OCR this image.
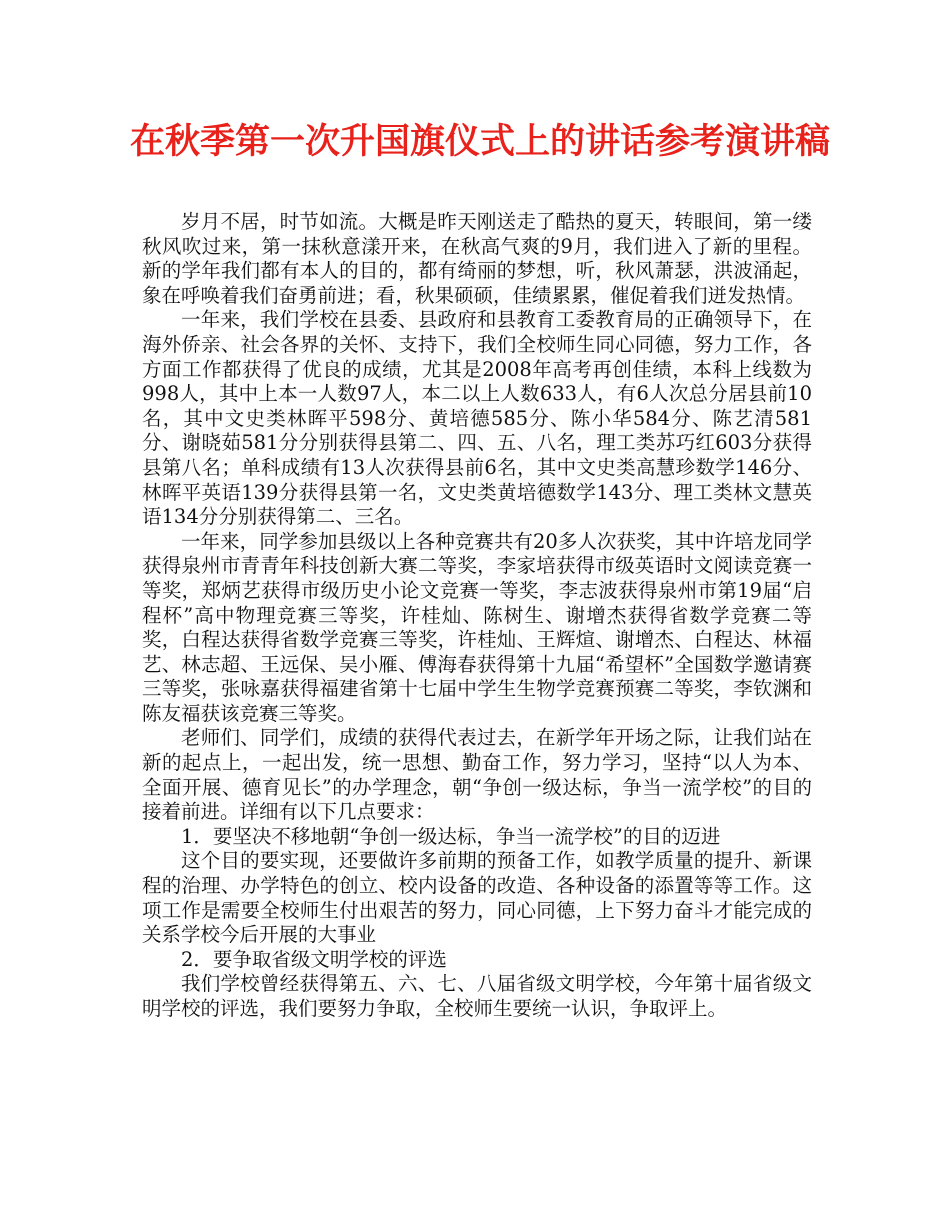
在秋季第一次升国旗仪式上的讲话参考演讲稿

岁月不居，时节如流。大概是昨天刚送走了酷热的夏天，转眼间，第一缕秋风吹过来，第一抹秋意漾开来，在秋高气爽的9月，我们进入了新的里程。新的学年我们都有本人的目的，都有绮丽的梦想，听，秋风萧瑟，洪波涌起，象在呼唤着我们奋勇前进；看，秋果硕硕，佳绩累累，催促着我们迸发热情。

一年来，我们学校在县委、县政府和县教育工委教育局的正确领导下，在海外侨亲、社会各界的关怀、支持下，我们全校师生同心同德，努力工作，各方面工作都获得了优良的成绩，尤其是2008年高考再创佳绩，本科上线数为998人，其中上本一人数97人，本二以上人数633人，有6人次总分居县前10名，其中文史类林晖平598分、黄培德585分、陈小华584分、陈艺清581分、谢晓茹581分分别获得县第二、四、五、八名，理工类苏巧红603分获得县第八名；单科成绩有13人次获得县前6名，其中文史类高慧珍数学146分、林晖平英语139分获得县第一名，文史类黄培德数学143分、理工类林文慧英语134分分别获得第二、三名。

一年来，同学参加县级以上各种竞赛共有20多人次获奖，其中许培龙同学获得泉州市青青年科技创新大赛二等奖，李家培获得市级英语时文阅读竞赛一等奖，郑炳艺获得市级历史小论文竞赛一等奖，李志波获得泉州市第19届“启程杯”高中物理竞赛三等奖，许桂灿、陈树生、谢增杰获得省数学竞赛二等奖，白程达获得省数学竞赛三等奖，许桂灿、王辉煊、谢增杰、白程达、林福艺、林志超、王远保、吴小雁、傅海春获得第十九届“希望杯”全国数学邀请赛三等奖，张咏嘉获得福建省第十七届中学生生物学竞赛预赛二等奖，李钦渊和陈友福获该竞赛三等奖。

老师们、同学们，成绩的获得代表过去，在新学年开场之际，让我们站在新的起点上，一起出发，统一思想、勤奋工作，努力学习，坚持“以人为本、全面开展、德育见长”的办学理念，朝“争创一级达标，争当一流学校”的目的接着前进。详细有以下几点要求：

1．要坚决不移地朝“争创一级达标，争当一流学校”的目的迈进

这个目的要实现，还要做许多前期的预备工作，如教学质量的提升、新课程的治理、办学特色的创立、校内设备的改造、各种设备的添置等等工作。这项工作是需要全校师生付出艰苦的努力，同心同德，上下努力奋斗才能完成的关系学校今后开展的大事业

2．要争取省级文明学校的评选

我们学校曾经获得第五、六、七、八届省级文明学校，今年第十届省级文明学校的评选，我们要努力争取，全校师生要统一认识，争取评上。
